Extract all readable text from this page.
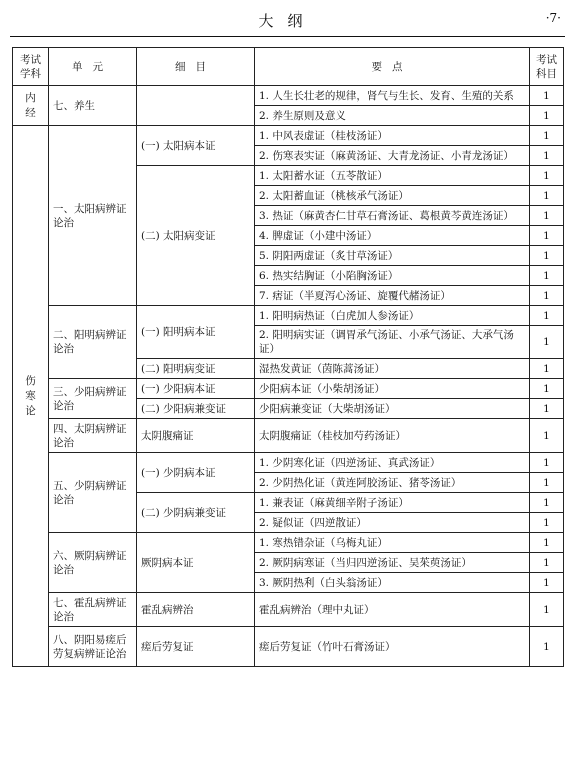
大纲	·7·
考试学科	单元	细目	要点	考试科目
内经	七、养生		1. 人生长壮老的规律，肾气与生长、发育、生殖的关系	1
			2. 养生原则及意义	1
伤寒论	一、太阳病辨证论治	(一) 太阳病本证	1. 中风表虚证（桂枝汤证）	1
			2. 伤寒表实证（麻黄汤证、大青龙汤证、小青龙汤证）	1
		(二) 太阳病变证	1. 太阳蓄水证（五苓散证）	1
			2. 太阳蓄血证（桃核承气汤证）	1
			3. 热证（麻黄杏仁甘草石膏汤证、葛根黄芩黄连汤证）	1
			4. 脾虚证（小建中汤证）	1
			5. 阴阳两虚证（炙甘草汤证）	1
			6. 热实结胸证（小陷胸汤证）	1
			7. 痞证（半夏泻心汤证、旋覆代赭汤证）	1
	二、阳明病辨证论治	(一) 阳明病本证	1. 阳明病热证（白虎加人参汤证）	1
			2. 阳明病实证（调胃承气汤证、小承气汤证、大承气汤证）	1
		(二) 阳明病变证	湿热发黄证（茵陈蒿汤证）	1
	三、少阳病辨证论治	(一) 少阳病本证	少阳病本证（小柴胡汤证）	1
		(二) 少阳病兼变证	少阳病兼变证（大柴胡汤证）	1
	四、太阴病辨证论治	太阴腹痛证	太阴腹痛证（桂枝加芍药汤证）	1
	五、少阴病辨证论治	(一) 少阴病本证	1. 少阴寒化证（四逆汤证、真武汤证）	1
			2. 少阴热化证（黄连阿胶汤证、猪苓汤证）	1
		(二) 少阴病兼变证	1. 兼表证（麻黄细辛附子汤证）	1
			2. 疑似证（四逆散证）	1
	六、厥阴病辨证论治	厥阴病本证	1. 寒热错杂证（乌梅丸证）	1
			2. 厥阴病寒证（当归四逆汤证、吴茱萸汤证）	1
			3. 厥阴热利（白头翁汤证）	1
	七、霍乱病辨证论治	霍乱病辨治	霍乱病辨治（理中丸证）	1
	八、阴阳易瘥后劳复病辨证论治	瘥后劳复证	瘥后劳复证（竹叶石膏汤证）	1
